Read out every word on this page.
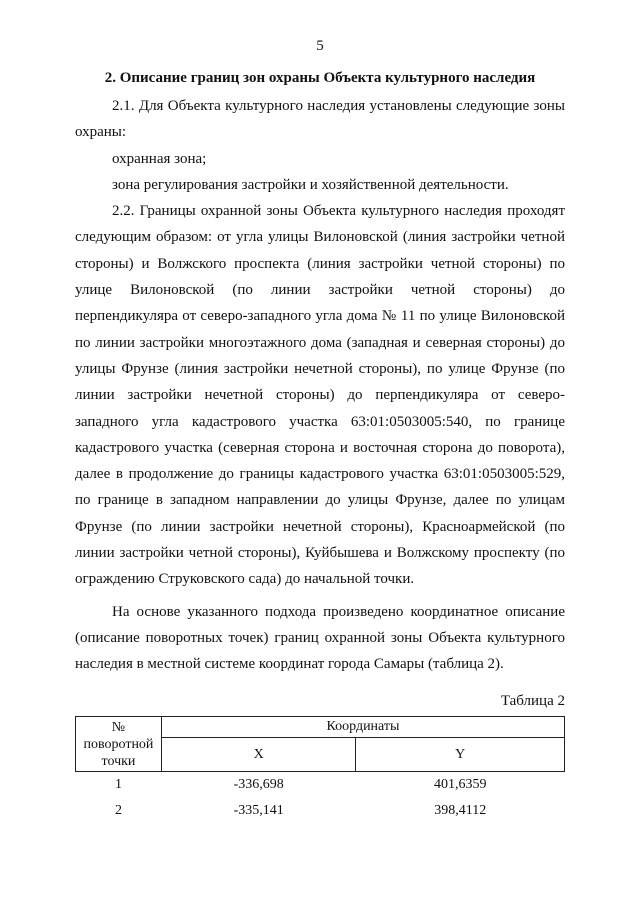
5
2. Описание границ зон охраны Объекта культурного наследия

2.1. Для Объекта культурного наследия установлены следующие зоны охраны:

охранная зона;

зона регулирования застройки и хозяйственной деятельности.

2.2. Границы охранной зоны Объекта культурного наследия проходят следующим образом: от угла улицы Вилоновской (линия застройки четной стороны) и Волжского проспекта (линия застройки четной стороны) по улице Вилоновской (по линии застройки четной стороны) до перпендикуляра от северо-западного угла дома № 11 по улице Вилоновской по линии застройки многоэтажного дома (западная и северная стороны) до улицы Фрунзе (линия застройки нечетной стороны), по улице Фрунзе (по линии застройки нечетной стороны) до перпендикуляра от северо-западного угла кадастрового участка 63:01:0503005:540, по границе кадастрового участка (северная сторона и восточная сторона до поворота), далее в продолжение до границы кадастрового участка 63:01:0503005:529, по границе в западном направлении до улицы Фрунзе, далее по улицам Фрунзе (по линии застройки нечетной стороны), Красноармейской (по линии застройки четной стороны), Куйбышева и Волжскому проспекту (по ограждению Струковского сада) до начальной точки.

На основе указанного подхода произведено координатное описание (описание поворотных точек) границ охранной зоны Объекта культурного наследия в местной системе координат города Самары (таблица 2).

Таблица 2
№ поворотной точки	Координаты	
	X	Y
1	-336,698	401,6359
2	-335,141	398,4112
